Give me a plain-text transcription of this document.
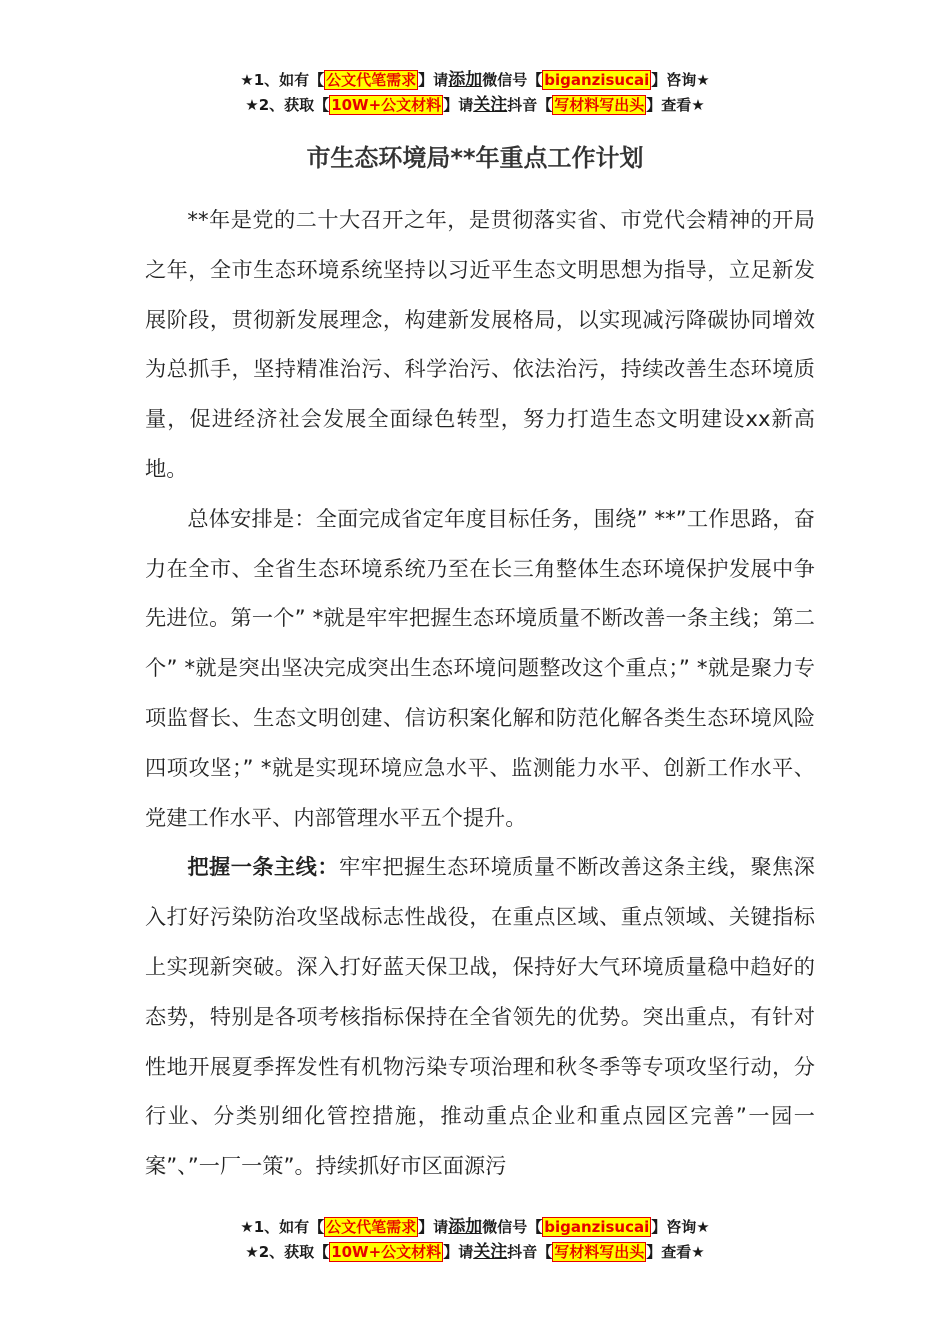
★1、如有【 公文代笔需求 】请添加微信号【 biganzisucai 】咨询★
★2、获取【 10W+公文材料 】请关注抖音【 写材料写出头 】查看★
市生态环境局**年重点工作计划

**年是党的二十大召开之年，是贯彻落实省、市党代会精神的开局之年，全市生态环境系统坚持以习近平生态文明思想为指导，立足新发展阶段，贯彻新发展理念，构建新发展格局，以实现减污降碳协同增效为总抓手，坚持精准治污、科学治污、依法治污，持续改善生态环境质量，促进经济社会发展全面绿色转型，努力打造生态文明建设xx新高地。

总体安排是：全面完成省定年度目标任务，围绕” **”工作思路，奋力在全市、全省生态环境系统乃至在长三角整体生态环境保护发展中争先进位。第一个” *就是牢牢把握生态环境质量不断改善一条主线；第二个” *就是突出坚决完成突出生态环境问题整改这个重点；” *就是聚力专项监督长、生态文明创建、信访积案化解和防范化解各类生态环境风险四项攻坚；” *就是实现环境应急水平、监测能力水平、创新工作水平、党建工作水平、内部管理水平五个提升。

把握一条主线：牢牢把握生态环境质量不断改善这条主线，聚焦深入打好污染防治攻坚战标志性战役，在重点区域、重点领域、关键指标上实现新突破。深入打好蓝天保卫战，保持好大气环境质量稳中趋好的态势，特别是各项考核指标保持在全省领先的优势。突出重点，有针对性地开展夏季挥发性有机物污染专项治理和秋冬季等专项攻坚行动，分行业、分类别细化管控措施，推动重点企业和重点园区完善”一园一案”、”一厂一策”。持续抓好市区面源污

★1、如有【 公文代笔需求 】请添加微信号【 biganzisucai 】咨询★
★2、获取【 10W+公文材料 】请关注抖音【 写材料写出头 】查看★
